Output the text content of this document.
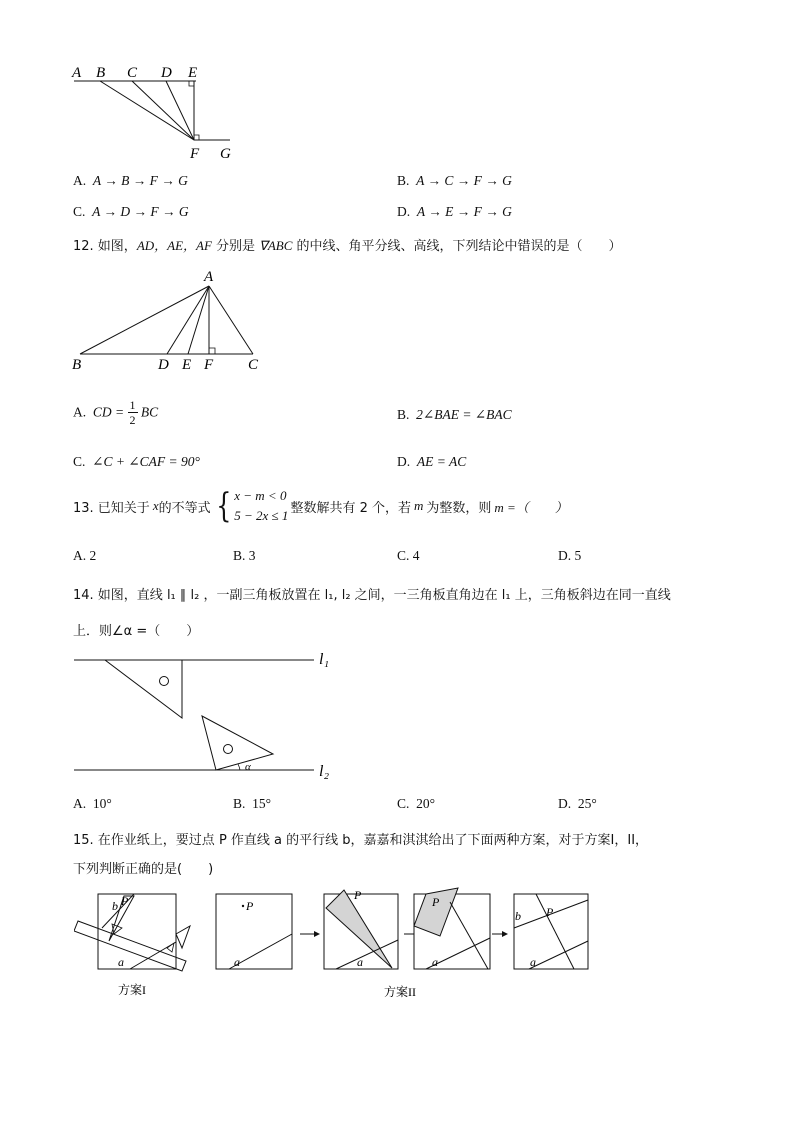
A B C D E
F G
A. A → B → F → G	B. A → C → F → G
C. A → D → F → G	D. A → E → F → G
12. 如图，AD，AE，AF 分别是 ∇ABC 的中线、角平分线、高线，下列结论中错误的是（　　）
A
B	D E F C
A. CD = $\frac{1}{2}$ BC	B. 2∠BAE = ∠BAC
C. ∠C + ∠CAF = 90°	D. AE = AC
13. 已知关于 x 的不等式 { x − m < 0
5 − 2x ≤ 1 整数解共有 2 个，若 m 为整数，则 m =（　　）
A. 2	B. 3	C. 4	D. 5
14. 如图，直线 l₁ ∥ l₂ ，一副三角板放置在 l₁, l₂ 之间，一三角板直角边在 l₁ 上，三角板斜边在同一直线
上．则∠α =（　　）
l₁
l₂
α
A. 10°	B. 15°	C. 20°	D. 25°
15. 在作业纸上，要过点 P 作直线 a 的平行线 b，嘉嘉和淇淇给出了下面两种方案，对于方案Ⅰ，ⅠⅠ，
下列判断正确的是(　　)
P
b
a
P
a
P
a
P
a
b P
a
方案I	方案II
